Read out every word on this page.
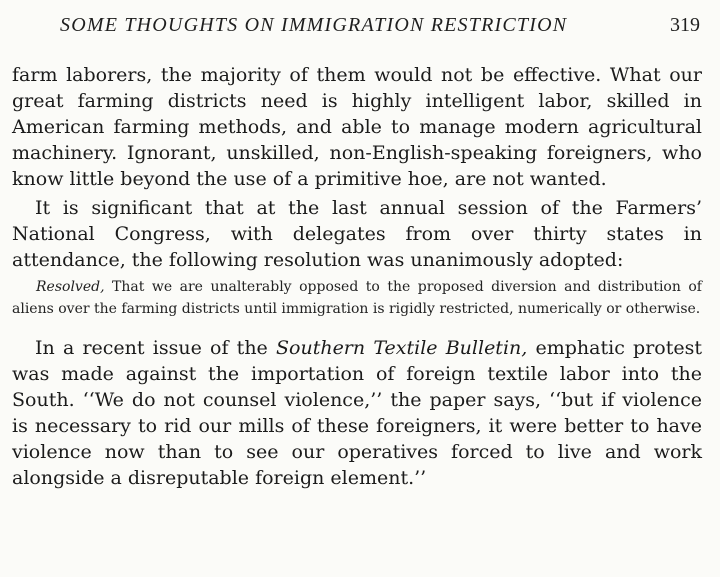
SOME THOUGHTS ON IMMIGRATION RESTRICTION	319

farm laborers, the majority of them would not be effective. What our great farming districts need is highly intelligent labor, skilled in American farming methods, and able to manage modern agricultural machinery. Ignorant, unskilled, non-English-speaking foreigners, who know little beyond the use of a primitive hoe, are not wanted.

It is significant that at the last annual session of the Farmers’ National Congress, with delegates from over thirty states in attendance, the following resolution was unanimously adopted:

Resolved, That we are unalterably opposed to the proposed diversion and distribution of aliens over the farming districts until immigration is rigidly restricted, numerically or otherwise.

In a recent issue of the Southern Textile Bulletin, emphatic protest was made against the importation of foreign textile labor into the South. ‘‘We do not counsel violence,’’ the paper says, ‘‘but if violence is necessary to rid our mills of these foreigners, it were better to have violence now than to see our operatives forced to live and work alongside a disreputable foreign element.’’
